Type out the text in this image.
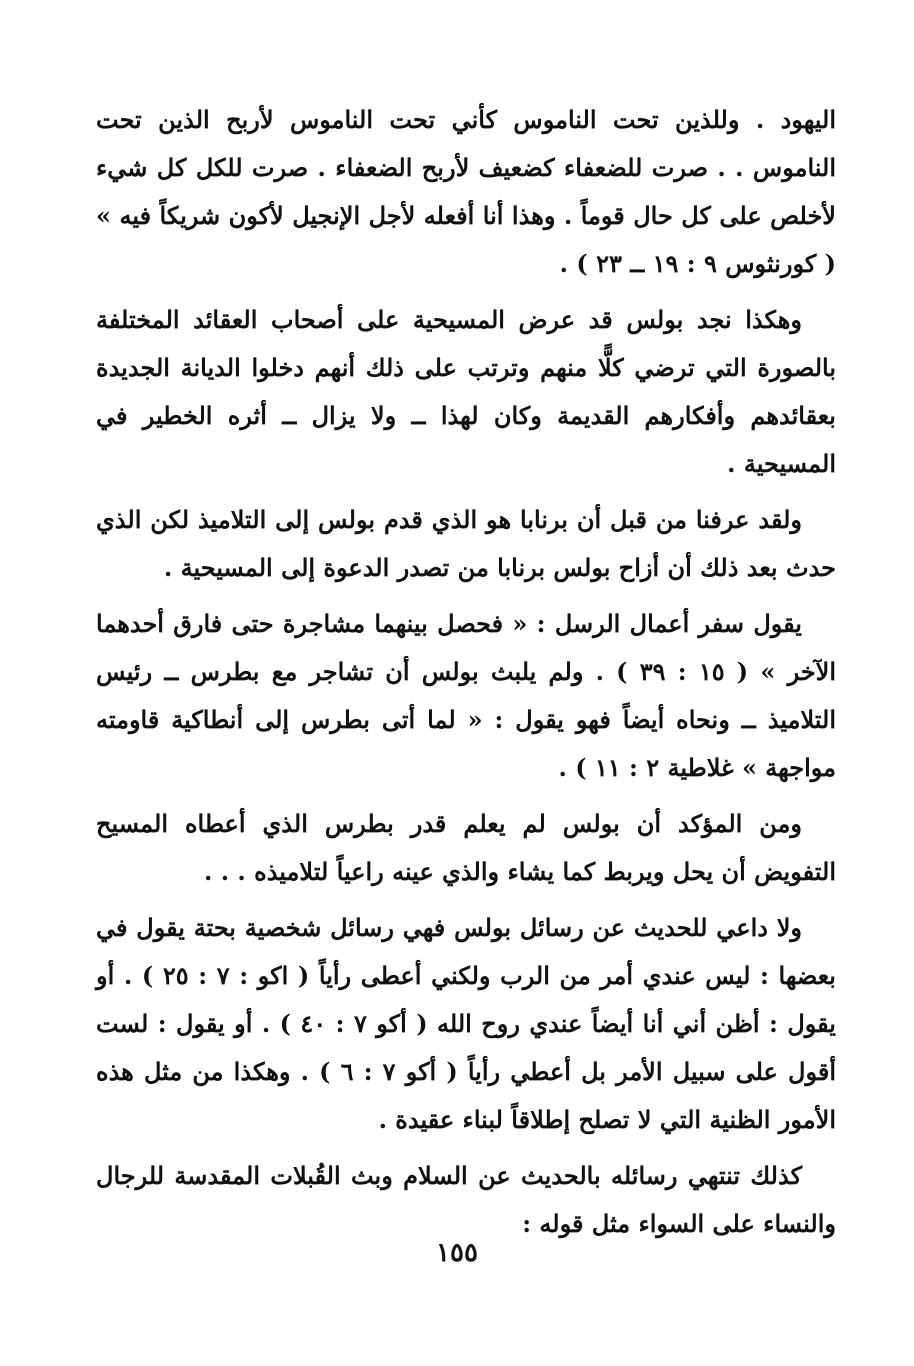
اليهود . وللذين تحت الناموس كأني تحت الناموس لأربح الذين تحت الناموس . . صرت للضعفاء كضعيف لأربح الضعفاء . صرت للكل كل شيء لأخلص على كل حال قوماً . وهذا أنا أفعله لأجل الإنجيل لأكون شريكاً فيه » ( كورنثوس ٩ : ١٩ ــ ٢٣ ) .

وهكذا نجد بولس قد عرض المسيحية على أصحاب العقائد المختلفة بالصورة التي ترضي كلًّا منهم وترتب على ذلك أنهم دخلوا الديانة الجديدة بعقائدهم وأفكارهم القديمة وكان لهذا ــ ولا يزال ــ أثره الخطير في المسيحية .

ولقد عرفنا من قبل أن برنابا هو الذي قدم بولس إلى التلاميذ لكن الذي حدث بعد ذلك أن أزاح بولس برنابا من تصدر الدعوة إلى المسيحية .

يقول سفر أعمال الرسل : « فحصل بينهما مشاجرة حتى فارق أحدهما الآخر » ( ١٥ : ٣٩ ) . ولم يلبث بولس أن تشاجر مع بطرس ــ رئيس التلاميذ ــ ونحاه أيضاً فهو يقول : « لما أتى بطرس إلى أنطاكية قاومته مواجهة » غلاطية ٢ : ١١ ) .

ومن المؤكد أن بولس لم يعلم قدر بطرس الذي أعطاه المسيح التفويض أن يحل ويربط كما يشاء والذي عينه راعياً لتلاميذه . . .

ولا داعي للحديث عن رسائل بولس فهي رسائل شخصية بحتة يقول في بعضها : ليس عندي أمر من الرب ولكني أعطى رأياً ( اكو : ٧ : ٢٥ ) . أو يقول : أظن أني أنا أيضاً عندي روح الله ( أكو ٧ : ٤٠ ) . أو يقول : لست أقول على سبيل الأمر بل أعطي رأياً ( أكو ٧ : ٦ ) . وهكذا من مثل هذه الأمور الظنية التي لا تصلح إطلاقاً لبناء عقيدة .

كذلك تنتهي رسائله بالحديث عن السلام وبث القُبلات المقدسة للرجال والنساء على السواء مثل قوله :

١٥٥
